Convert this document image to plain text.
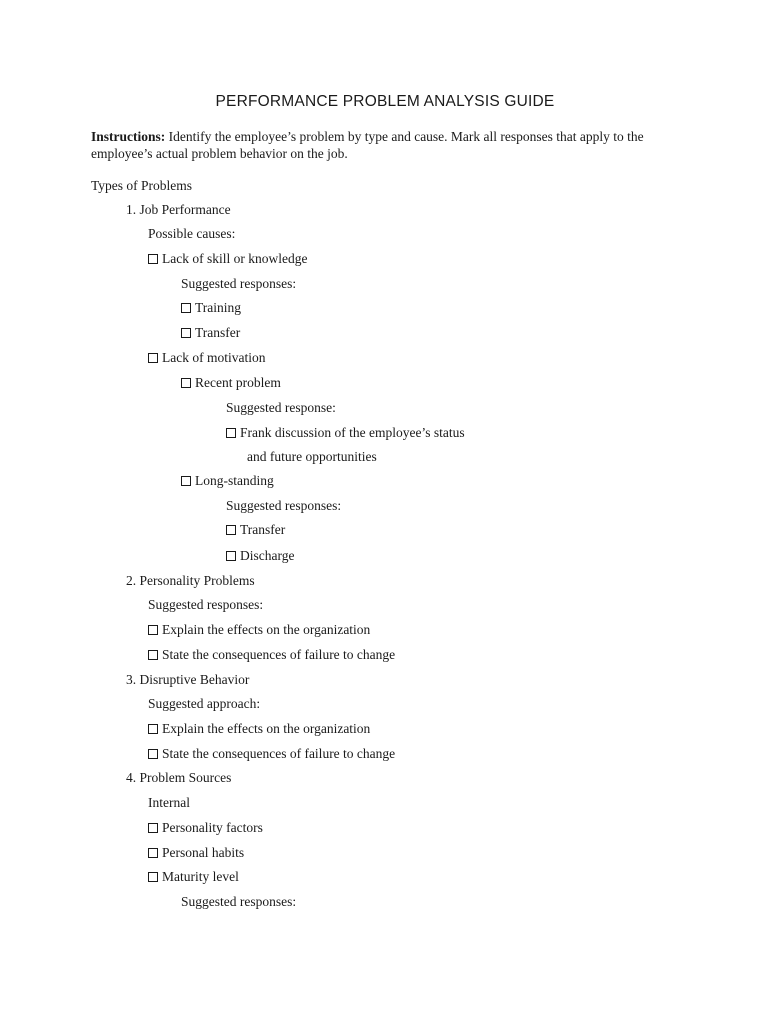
PERFORMANCE PROBLEM ANALYSIS GUIDE
Instructions: Identify the employee’s problem by type and cause. Mark all responses that apply to the employee’s actual problem behavior on the job.
Types of Problems
1. Job Performance
Possible causes:
Lack of skill or knowledge
Suggested responses:
Training
Transfer
Lack of motivation
Recent problem
Suggested response:
Frank discussion of the employee’s status
and future opportunities
Long-standing
Suggested responses:
Transfer
Discharge
2. Personality Problems
Suggested responses:
Explain the effects on the organization
State the consequences of failure to change
3. Disruptive Behavior
Suggested approach:
Explain the effects on the organization
State the consequences of failure to change
4. Problem Sources
Internal
Personality factors
Personal habits
Maturity level
Suggested responses:
